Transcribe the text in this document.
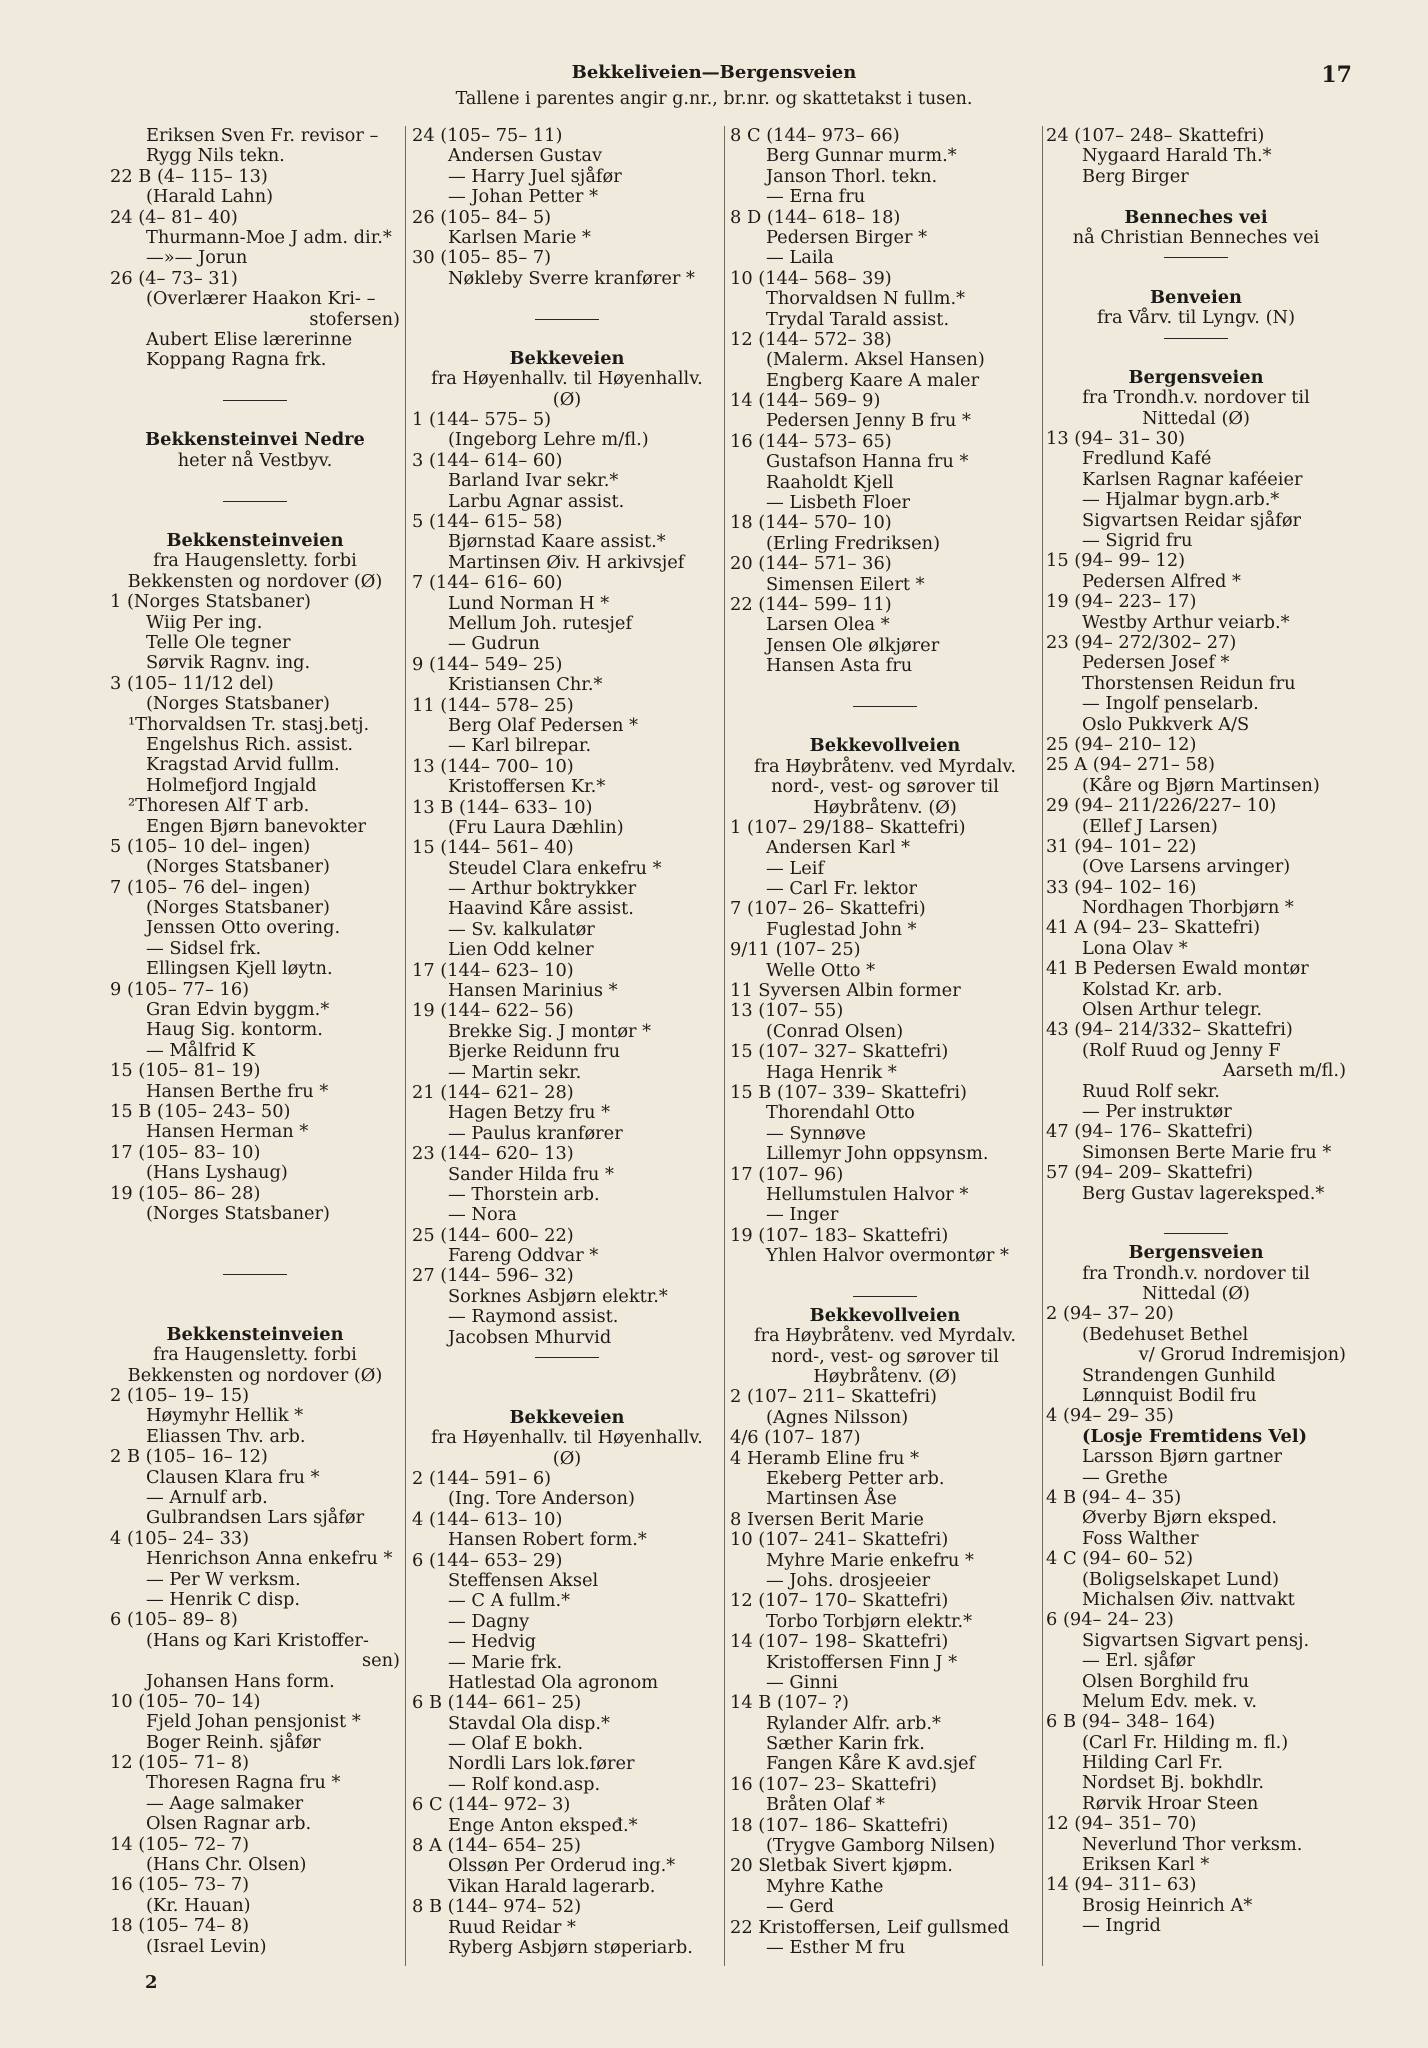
Bekkeliveien—Bergensveien	17
Tallene i parentes angir g.nr., br.nr. og skattetakst i tusen.
Eriksen Sven Fr. revisor –
Rygg Nils tekn.
22 B (4– 115– 13)
(Harald Lahn)
24 (4– 81– 40)
Thurmann-Moe J adm. dir.*
—»— Jorun
26 (4– 73– 31)
(Overlærer Haakon Kri- –
stofersen)
Aubert Elise lærerinne
Koppang Ragna frk.
Bekkensteinvei Nedre
heter nå Vestbyv.
Bekkensteinveien
fra Haugensletty. forbi
Bekkensten og nordover (Ø)
1 (Norges Statsbaner)
Wiig Per ing.
Telle Ole tegner
Sørvik Ragnv. ing.
3 (105– 11/12 del)
(Norges Statsbaner)
¹Thorvaldsen Tr. stasj.betj.
Engelshus Rich. assist.
Kragstad Arvid fullm.
Holmefjord Ingjald
²Thoresen Alf T arb.
Engen Bjørn banevokter
5 (105– 10 del– ingen)
(Norges Statsbaner)
7 (105– 76 del– ingen)
(Norges Statsbaner)
Jenssen Otto overing.
— Sidsel frk.
Ellingsen Kjell løytn.
9 (105– 77– 16)
Gran Edvin byggm.*
Haug Sig. kontorm.
— Målfrid K
15 (105– 81– 19)
Hansen Berthe fru *
15 B (105– 243– 50)
Hansen Herman *
17 (105– 83– 10)
(Hans Lyshaug)
19 (105– 86– 28)
(Norges Statsbaner)
Bekkensteinveien
fra Haugensletty. forbi
Bekkensten og nordover (Ø)
2 (105– 19– 15)
Høymyhr Hellik *
Eliassen Thv. arb.
2 B (105– 16– 12)
Clausen Klara fru *
— Arnulf arb.
Gulbrandsen Lars sjåfør
4 (105– 24– 33)
Henrichson Anna enkefru *
— Per W verksm.
— Henrik C disp.
6 (105– 89– 8)
(Hans og Kari Kristoffer-
sen)
Johansen Hans form.
10 (105– 70– 14)
Fjeld Johan pensjonist *
Boger Reinh. sjåfør
12 (105– 71– 8)
Thoresen Ragna fru *
— Aage salmaker
Olsen Ragnar arb.
14 (105– 72– 7)
(Hans Chr. Olsen)
16 (105– 73– 7)
(Kr. Hauan)
18 (105– 74– 8)
(Israel Levin)
24 (105– 75– 11)
Andersen Gustav
— Harry Juel sjåfør
— Johan Petter *
26 (105– 84– 5)
Karlsen Marie *
30 (105– 85– 7)
Nøkleby Sverre kranfører *
Bekkeveien
fra Høyenhallv. til Høyenhallv.
(Ø)
1 (144– 575– 5)
(Ingeborg Lehre m/fl.)
3 (144– 614– 60)
Barland Ivar sekr.*
Larbu Agnar assist.
5 (144– 615– 58)
Bjørnstad Kaare assist.*
Martinsen Øiv. H arkivsjef
7 (144– 616– 60)
Lund Norman H *
Mellum Joh. rutesjef
— Gudrun
9 (144– 549– 25)
Kristiansen Chr.*
11 (144– 578– 25)
Berg Olaf Pedersen *
— Karl bilrepar.
13 (144– 700– 10)
Kristoffersen Kr.*
13 B (144– 633– 10)
(Fru Laura Dæhlin)
15 (144– 561– 40)
Steudel Clara enkefru *
— Arthur boktrykker
Haavind Kåre assist.
— Sv. kalkulatør
Lien Odd kelner
17 (144– 623– 10)
Hansen Marinius *
19 (144– 622– 56)
Brekke Sig. J montør *
Bjerke Reidunn fru
— Martin sekr.
21 (144– 621– 28)
Hagen Betzy fru *
— Paulus kranfører
23 (144– 620– 13)
Sander Hilda fru *
— Thorstein arb.
— Nora
25 (144– 600– 22)
Fareng Oddvar *
27 (144– 596– 32)
Sorknes Asbjørn elektr.*
— Raymond assist.
Jacobsen Mhurvid
Bekkeveien
fra Høyenhallv. til Høyenhallv.
(Ø)
2 (144– 591– 6)
(Ing. Tore Anderson)
4 (144– 613– 10)
Hansen Robert form.*
6 (144– 653– 29)
Steffensen Aksel
— C A fullm.*
— Dagny
— Hedvig
— Marie frk.
Hatlestad Ola agronom
6 B (144– 661– 25)
Stavdal Ola disp.*
— Olaf E bokh.
Nordli Lars lok.fører
— Rolf kond.asp.
6 C (144– 972– 3)
Enge Anton ekspeđ.*
8 A (144– 654– 25)
Olssøn Per Orderud ing.*
Vikan Harald lagerarb.
8 B (144– 974– 52)
Ruud Reidar *
Ryberg Asbjørn støperiarb.
8 C (144– 973– 66)
Berg Gunnar murm.*
Janson Thorl. tekn.
— Erna fru
8 D (144– 618– 18)
Pedersen Birger *
— Laila
10 (144– 568– 39)
Thorvaldsen N fullm.*
Trydal Tarald assist.
12 (144– 572– 38)
(Malerm. Aksel Hansen)
Engberg Kaare A maler
14 (144– 569– 9)
Pedersen Jenny B fru *
16 (144– 573– 65)
Gustafson Hanna fru *
Raaholdt Kjell
— Lisbeth Floer
18 (144– 570– 10)
(Erling Fredriksen)
20 (144– 571– 36)
Simensen Eilert *
22 (144– 599– 11)
Larsen Olea *
Jensen Ole ølkjører
Hansen Asta fru
Bekkevollveien
fra Høybråtenv. ved Myrdalv.
nord-, vest- og sørover til
Høybråtenv. (Ø)
1 (107– 29/188– Skattefri)
Andersen Karl *
— Leif
— Carl Fr. lektor
7 (107– 26– Skattefri)
Fuglestad John *
9/11 (107– 25)
Welle Otto *
11 Syversen Albin former
13 (107– 55)
(Conrad Olsen)
15 (107– 327– Skattefri)
Haga Henrik *
15 B (107– 339– Skattefri)
Thorendahl Otto
— Synnøve
Lillemyr John oppsynsm.
17 (107– 96)
Hellumstulen Halvor *
— Inger
19 (107– 183– Skattefri)
Yhlen Halvor overmontør *
Bekkevollveien
fra Høybråtenv. ved Myrdalv.
nord-, vest- og sørover til
Høybråtenv. (Ø)
2 (107– 211– Skattefri)
(Agnes Nilsson)
4/6 (107– 187)
4 Heramb Eline fru *
Ekeberg Petter arb.
Martinsen Åse
8 Iversen Berit Marie
10 (107– 241– Skattefri)
Myhre Marie enkefru *
— Johs. drosjeeier
12 (107– 170– Skattefri)
Torbo Torbjørn elektr.*
14 (107– 198– Skattefri)
Kristoffersen Finn J *
— Ginni
14 B (107– ?)
Rylander Alfr. arb.*
Sæther Karin frk.
Fangen Kåre K avd.sjef
16 (107– 23– Skattefri)
Bråten Olaf *
18 (107– 186– Skattefri)
(Trygve Gamborg Nilsen)
20 Sletbak Sivert kjøpm.
Myhre Kathe
— Gerd
22 Kristoffersen, Leif gullsmed
— Esther M fru
24 (107– 248– Skattefri)
Nygaard Harald Th.*
Berg Birger
Benneches vei
nå Christian Benneches vei
Benveien
fra Vårv. til Lyngv. (N)
Bergensveien
fra Trondh.v. nordover til
Nittedal (Ø)
13 (94– 31– 30)
Fredlund Kafé
Karlsen Ragnar kaféeier
— Hjalmar bygn.arb.*
Sigvartsen Reidar sjåfør
— Sigrid fru
15 (94– 99– 12)
Pedersen Alfred *
19 (94– 223– 17)
Westby Arthur veiarb.*
23 (94– 272/302– 27)
Pedersen Josef *
Thorstensen Reidun fru
— Ingolf penselarb.
Oslo Pukkverk A/S
25 (94– 210– 12)
25 A (94– 271– 58)
(Kåre og Bjørn Martinsen)
29 (94– 211/226/227– 10)
(Ellef J Larsen)
31 (94– 101– 22)
(Ove Larsens arvinger)
33 (94– 102– 16)
Nordhagen Thorbjørn *
41 A (94– 23– Skattefri)
Lona Olav *
41 B Pedersen Ewald montør
Kolstad Kr. arb.
Olsen Arthur telegr.
43 (94– 214/332– Skattefri)
(Rolf Ruud og Jenny F
Aarseth m/fl.)
Ruud Rolf sekr.
— Per instruktør
47 (94– 176– Skattefri)
Simonsen Berte Marie fru *
57 (94– 209– Skattefri)
Berg Gustav lagereksped.*
Bergensveien
fra Trondh.v. nordover til
Nittedal (Ø)
2 (94– 37– 20)
(Bedehuset Bethel
v/ Grorud Indremisjon)
Strandengen Gunhild
Lønnquist Bodil fru
4 (94– 29– 35)
(Losje Fremtidens Vel)
Larsson Bjørn gartner
— Grethe
4 B (94– 4– 35)
Øverby Bjørn eksped.
Foss Walther
4 C (94– 60– 52)
(Boligselskapet Lund)
Michalsen Øiv. nattvakt
6 (94– 24– 23)
Sigvartsen Sigvart pensj.
— Erl. sjåfør
Olsen Borghild fru
Melum Edv. mek. v.
6 B (94– 348– 164)
(Carl Fr. Hilding m. fl.)
Hilding Carl Fr.
Nordset Bj. bokhdlr.
Rørvik Hroar Steen
12 (94– 351– 70)
Neverlund Thor verksm.
Eriksen Karl *
14 (94– 311– 63)
Brosig Heinrich A*
— Ingrid
2
